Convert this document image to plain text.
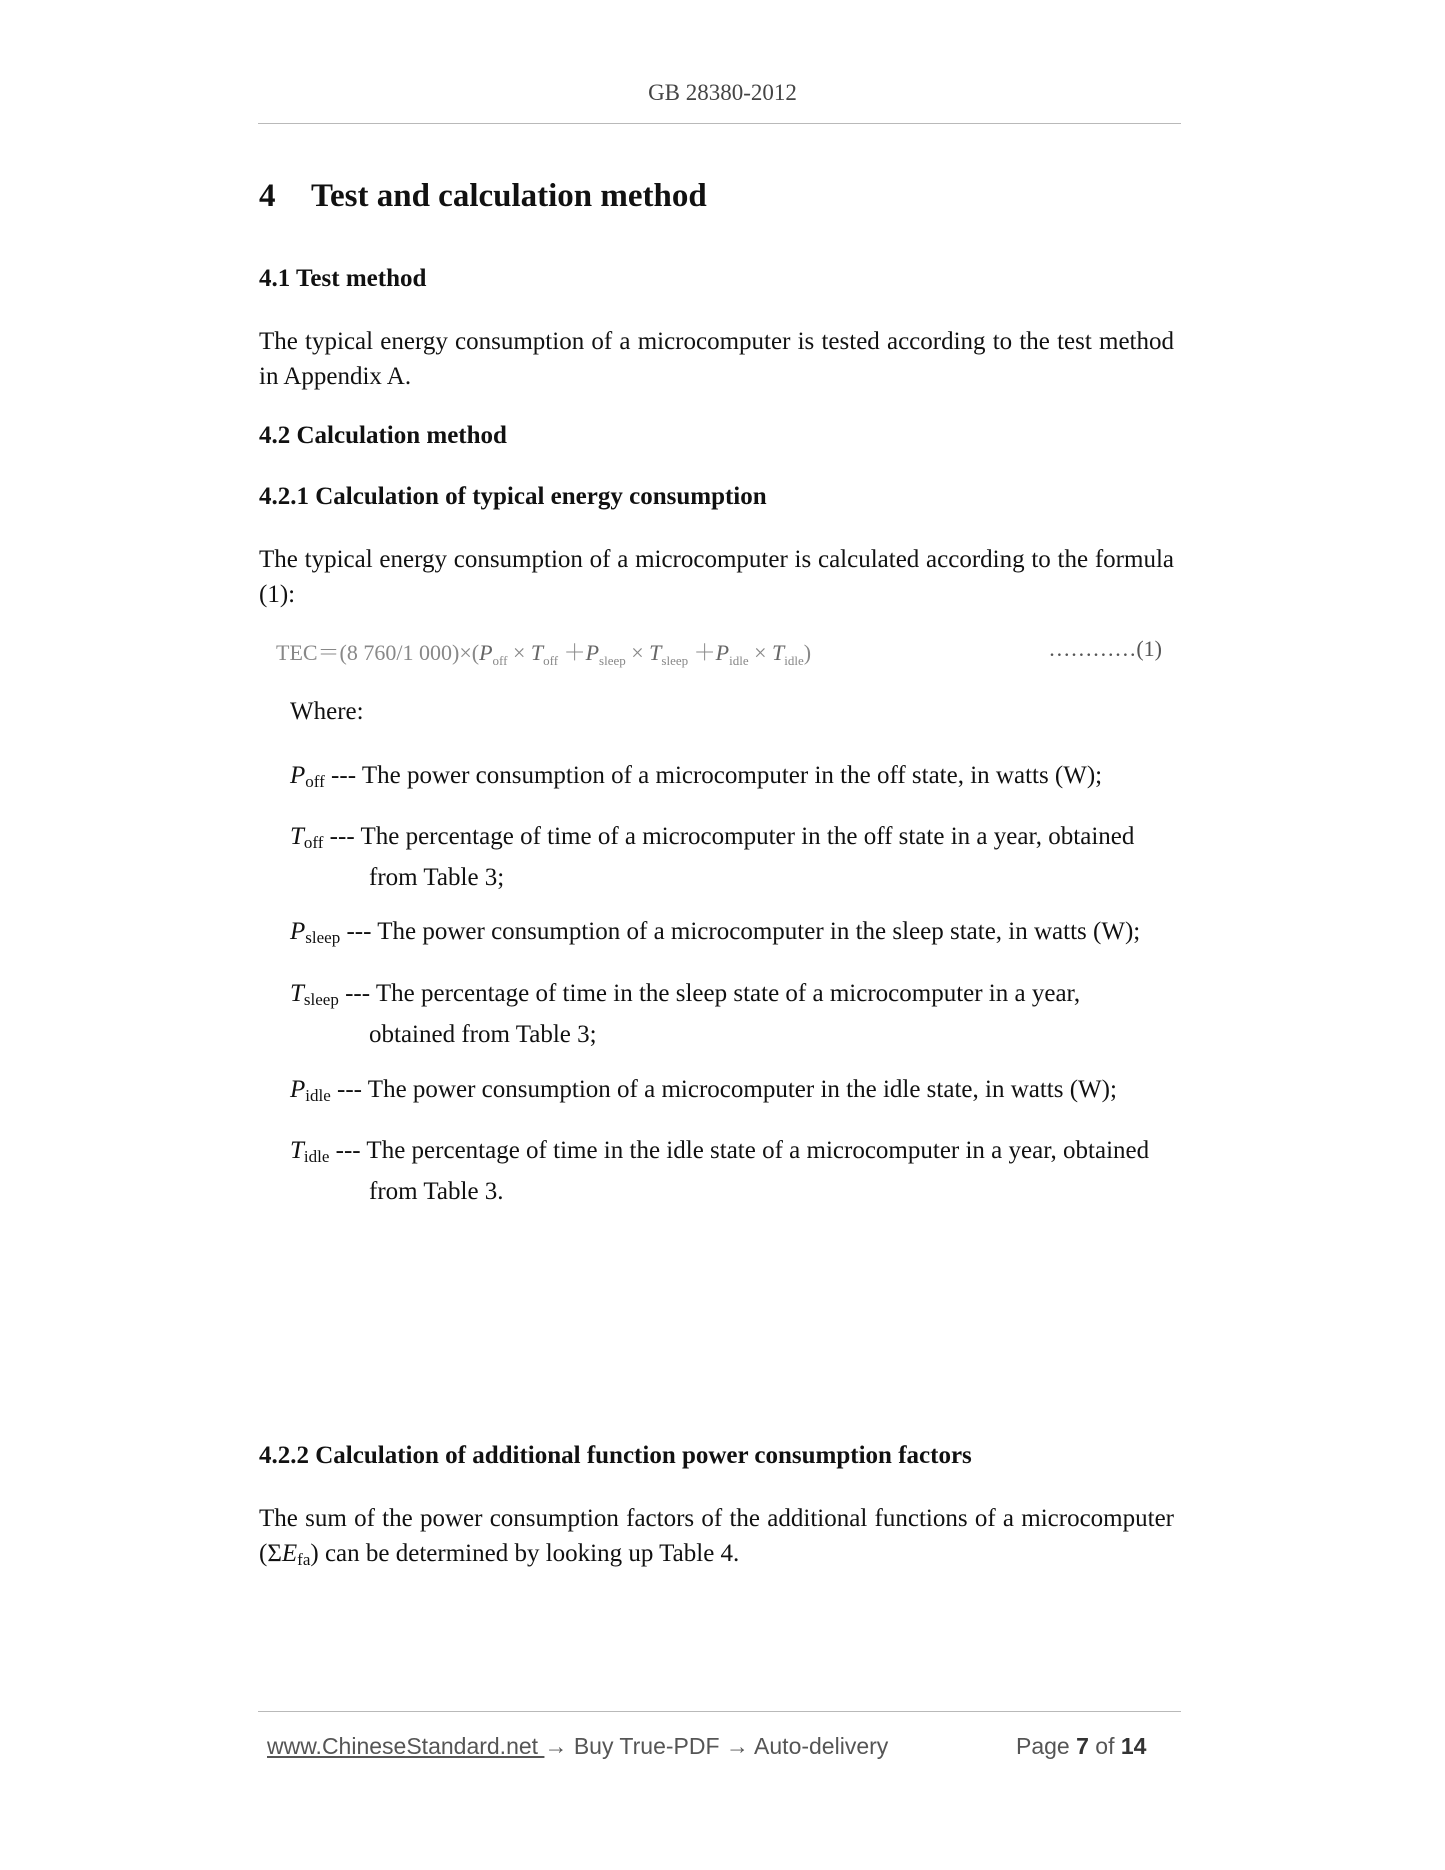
GB 28380-2012
4 Test and calculation method
4.1 Test method
The typical energy consumption of a microcomputer is tested according to the test method in Appendix A.
4.2 Calculation method
4.2.1 Calculation of typical energy consumption
The typical energy consumption of a microcomputer is calculated according to the formula (1):
TEC＝(8 760/1 $000)\times(P_{off} \times T_{off} +P_{sleep} \times T_{sleep} +P_{idle} \times T_{idle})$	…………(1)
Where:
$P_{off}$ --- The power consumption of a microcomputer in the off state, in watts (W);
$T_{off}$ --- The percentage of time of a microcomputer in the off state in a year, obtained
from Table 3;
$P_{sleep}$ --- The power consumption of a microcomputer in the sleep state, in watts (W);
$T_{sleep}$ --- The percentage of time in the sleep state of a microcomputer in a year,
obtained from Table 3;
$P_{idle}$ --- The power consumption of a microcomputer in the idle state, in watts (W);
$T_{idle}$ --- The percentage of time in the idle state of a microcomputer in a year, obtained
from Table 3.
4.2.2 Calculation of additional function power consumption factors
The sum of the power consumption factors of the additional functions of a microcomputer $(\Sigma E_{fa})$ can be determined by looking up Table 4.
www.ChineseStandard.net → Buy True-PDF → Auto-delivery	Page 7 of 14
